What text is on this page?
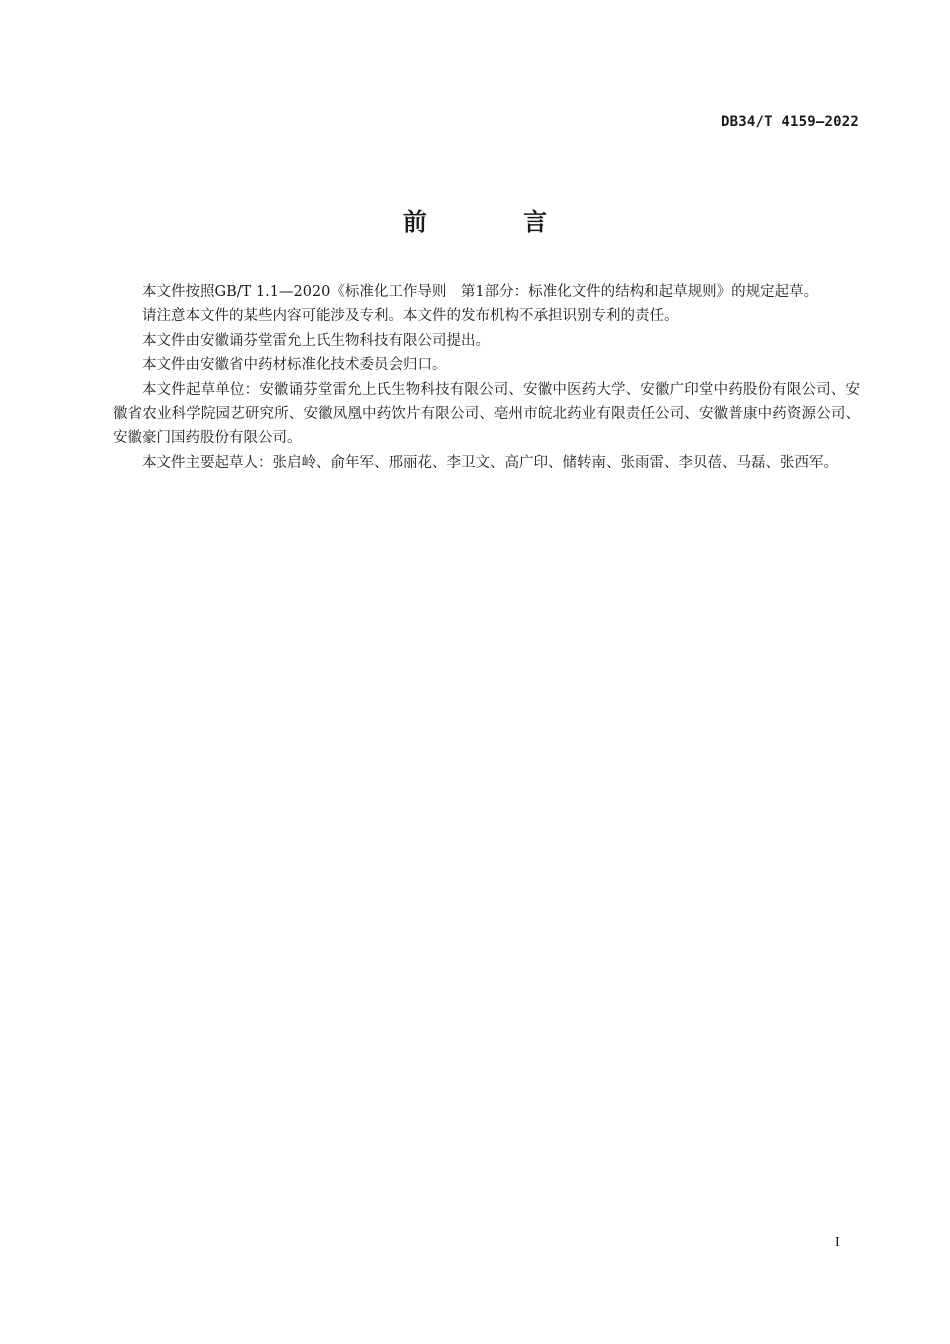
DB34/T 4159—2022
前 言

本文件按照GB/T 1.1—2020《标准化工作导则　第1部分：标准化文件的结构和起草规则》的规定起草。

请注意本文件的某些内容可能涉及专利。本文件的发布机构不承担识别专利的责任。

本文件由安徽诵芬堂雷允上氏生物科技有限公司提出。

本文件由安徽省中药材标准化技术委员会归口。

本文件起草单位：安徽诵芬堂雷允上氏生物科技有限公司、安徽中医药大学、安徽广印堂中药股份有限公司、安徽省农业科学院园艺研究所、安徽凤凰中药饮片有限公司、亳州市皖北药业有限责任公司、安徽普康中药资源公司、安徽豪门国药股份有限公司。

本文件主要起草人：张启岭、俞年军、邢丽花、李卫文、高广印、储转南、张雨雷、李贝蓓、马磊、张西军。

I
